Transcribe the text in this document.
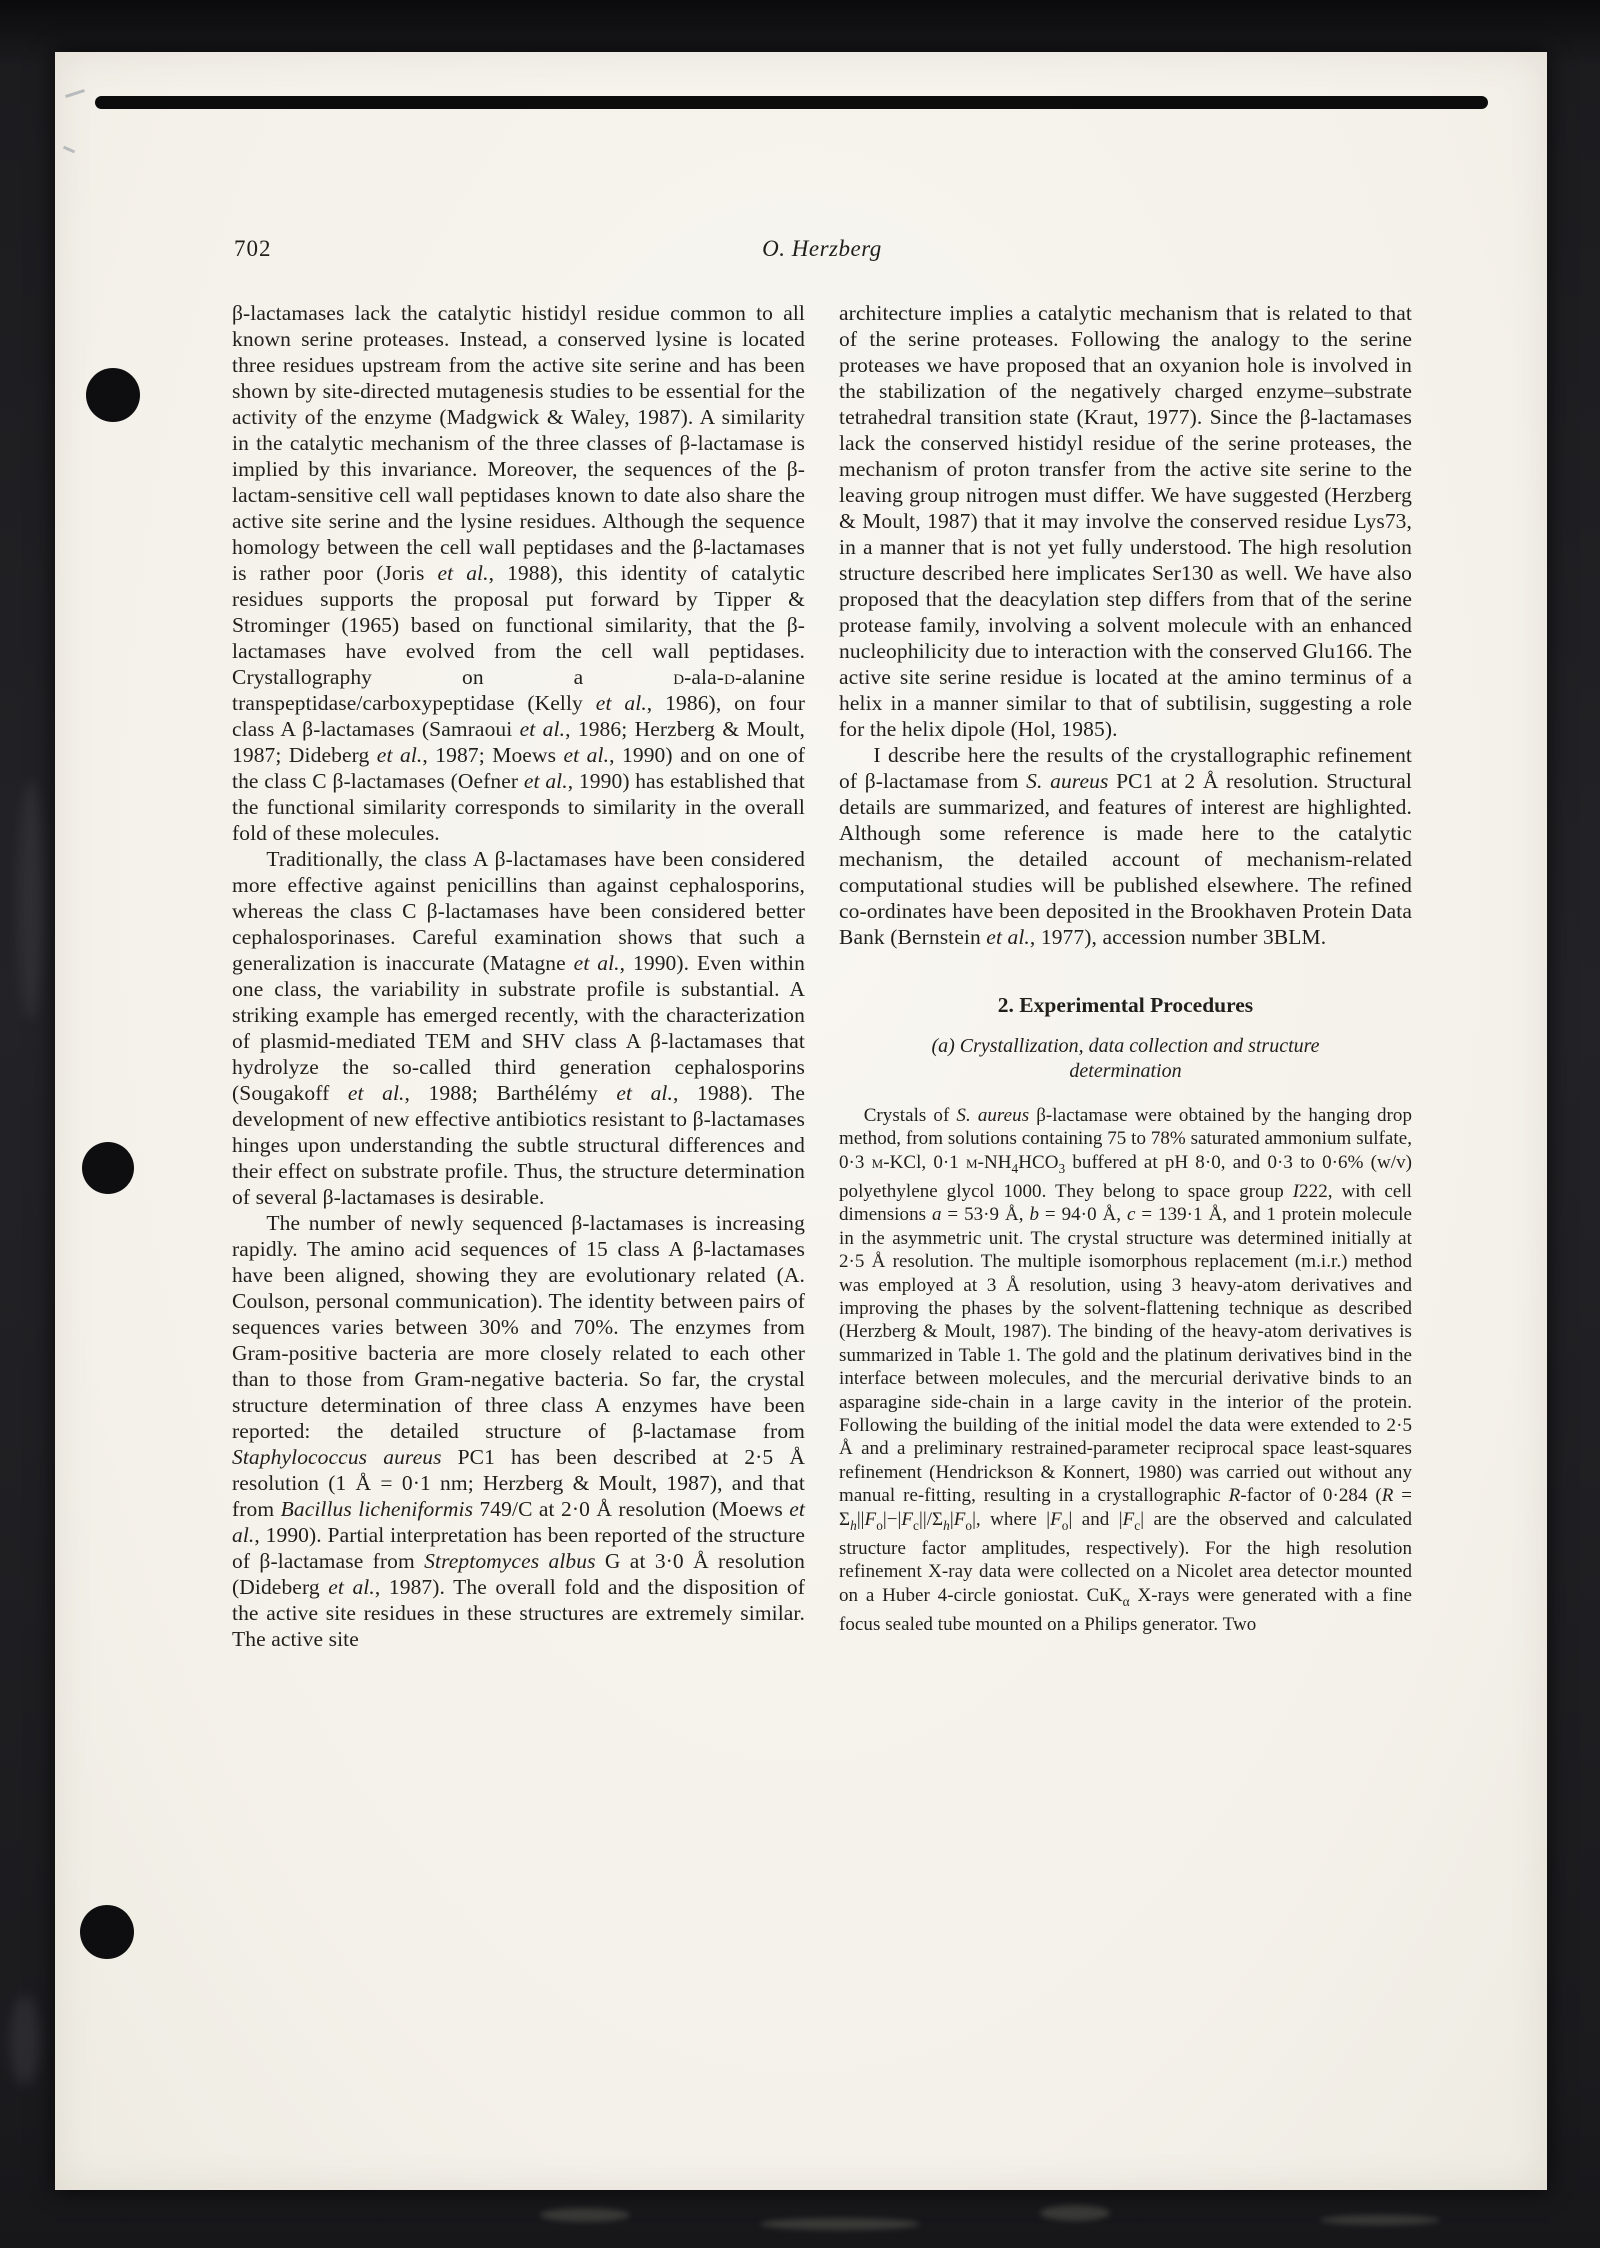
702	O. Herzberg

β-lactamases lack the catalytic histidyl residue common to all known serine proteases. Instead, a conserved lysine is located three residues upstream from the active site serine and has been shown by site-directed mutagenesis studies to be essential for the activity of the enzyme (Madgwick & Waley, 1987). A similarity in the catalytic mechanism of the three classes of β-lactamase is implied by this invariance. Moreover, the sequences of the β-lactam-sensitive cell wall peptidases known to date also share the active site serine and the lysine residues. Although the sequence homology between the cell wall peptidases and the β-lactamases is rather poor (Joris et al., 1988), this identity of catalytic residues supports the proposal put forward by Tipper & Strominger (1965) based on functional similarity, that the β-lactamases have evolved from the cell wall peptidases. Crystallography on a d-ala-d-alanine transpeptidase/carboxypeptidase (Kelly et al., 1986), on four class A β-lactamases (Samraoui et al., 1986; Herzberg & Moult, 1987; Dideberg et al., 1987; Moews et al., 1990) and on one of the class C β-lactamases (Oefner et al., 1990) has established that the functional similarity corresponds to similarity in the overall fold of these molecules.

Traditionally, the class A β-lactamases have been considered more effective against penicillins than against cephalosporins, whereas the class C β-lactamases have been considered better cephalosporinases. Careful examination shows that such a generalization is inaccurate (Matagne et al., 1990). Even within one class, the variability in substrate profile is substantial. A striking example has emerged recently, with the characterization of plasmid-mediated TEM and SHV class A β-lactamases that hydrolyze the so-called third generation cephalosporins (Sougakoff et al., 1988; Barthélémy et al., 1988). The development of new effective antibiotics resistant to β-lactamases hinges upon understanding the subtle structural differences and their effect on substrate profile. Thus, the structure determination of several β-lactamases is desirable.

The number of newly sequenced β-lactamases is increasing rapidly. The amino acid sequences of 15 class A β-lactamases have been aligned, showing they are evolutionary related (A. Coulson, personal communication). The identity between pairs of sequences varies between 30% and 70%. The enzymes from Gram-positive bacteria are more closely related to each other than to those from Gram-negative bacteria. So far, the crystal structure determination of three class A enzymes have been reported: the detailed structure of β-lactamase from Staphylococcus aureus PC1 has been described at 2·5 Å resolution (1 Å = 0·1 nm; Herzberg & Moult, 1987), and that from Bacillus licheniformis 749/C at 2·0 Å resolution (Moews et al., 1990). Partial interpretation has been reported of the structure of β-lactamase from Streptomyces albus G at 3·0 Å resolution (Dideberg et al., 1987). The overall fold and the disposition of the active site residues in these structures are extremely similar. The active site

architecture implies a catalytic mechanism that is related to that of the serine proteases. Following the analogy to the serine proteases we have proposed that an oxyanion hole is involved in the stabilization of the negatively charged enzyme–substrate tetrahedral transition state (Kraut, 1977). Since the β-lactamases lack the conserved histidyl residue of the serine proteases, the mechanism of proton transfer from the active site serine to the leaving group nitrogen must differ. We have suggested (Herzberg & Moult, 1987) that it may involve the conserved residue Lys73, in a manner that is not yet fully understood. The high resolution structure described here implicates Ser130 as well. We have also proposed that the deacylation step differs from that of the serine protease family, involving a solvent molecule with an enhanced nucleophilicity due to interaction with the conserved Glu166. The active site serine residue is located at the amino terminus of a helix in a manner similar to that of subtilisin, suggesting a role for the helix dipole (Hol, 1985).

I describe here the results of the crystallographic refinement of β-lactamase from S. aureus PC1 at 2 Å resolution. Structural details are summarized, and features of interest are highlighted. Although some reference is made here to the catalytic mechanism, the detailed account of mechanism-related computational studies will be published elsewhere. The refined co-ordinates have been deposited in the Brookhaven Protein Data Bank (Bernstein et al., 1977), accession number 3BLM.

2. Experimental Procedures
(a) Crystallization, data collection and structure determination

Crystals of S. aureus β-lactamase were obtained by the hanging drop method, from solutions containing 75 to 78% saturated ammonium sulfate, 0·3 m-KCl, 0·1 $m-NH_4HCO_3$ buffered at pH 8·0, and 0·3 to 0·6% (w/v) polyethylene glycol 1000. They belong to space group I222, with cell dimensions a = 53·9 Å, b = 94·0 Å, c = 139·1 Å, and 1 protein molecule in the asymmetric unit. The crystal structure was determined initially at 2·5 Å resolution. The multiple isomorphous replacement (m.i.r.) method was employed at 3 Å resolution, using 3 heavy-atom derivatives and improving the phases by the solvent-flattening technique as described (Herzberg & Moult, 1987). The binding of the heavy-atom derivatives is summarized in Table 1. The gold and the platinum derivatives bind in the interface between molecules, and the mercurial derivative binds to an asparagine side-chain in a large cavity in the interior of the protein. Following the building of the initial model the data were extended to 2·5 Å and a preliminary restrained-parameter reciprocal space least-squares refinement (Hendrickson & Konnert, 1980) was carried out without any manual re-fitting, resulting in a crystallographic R-factor of 0·284 ($R = \Sigma_h||F_o|-|F_c||/\Sigma_h|F_o|$, where $|F_o|$ and $|F_c|$ are the observed and calculated structure factor amplitudes, respectively). For the high resolution refinement X-ray data were collected on a Nicolet area detector mounted on a Huber 4-circle goniostat. CuK$_\alpha$ X-rays were generated with a fine focus sealed tube mounted on a Philips generator. Two
